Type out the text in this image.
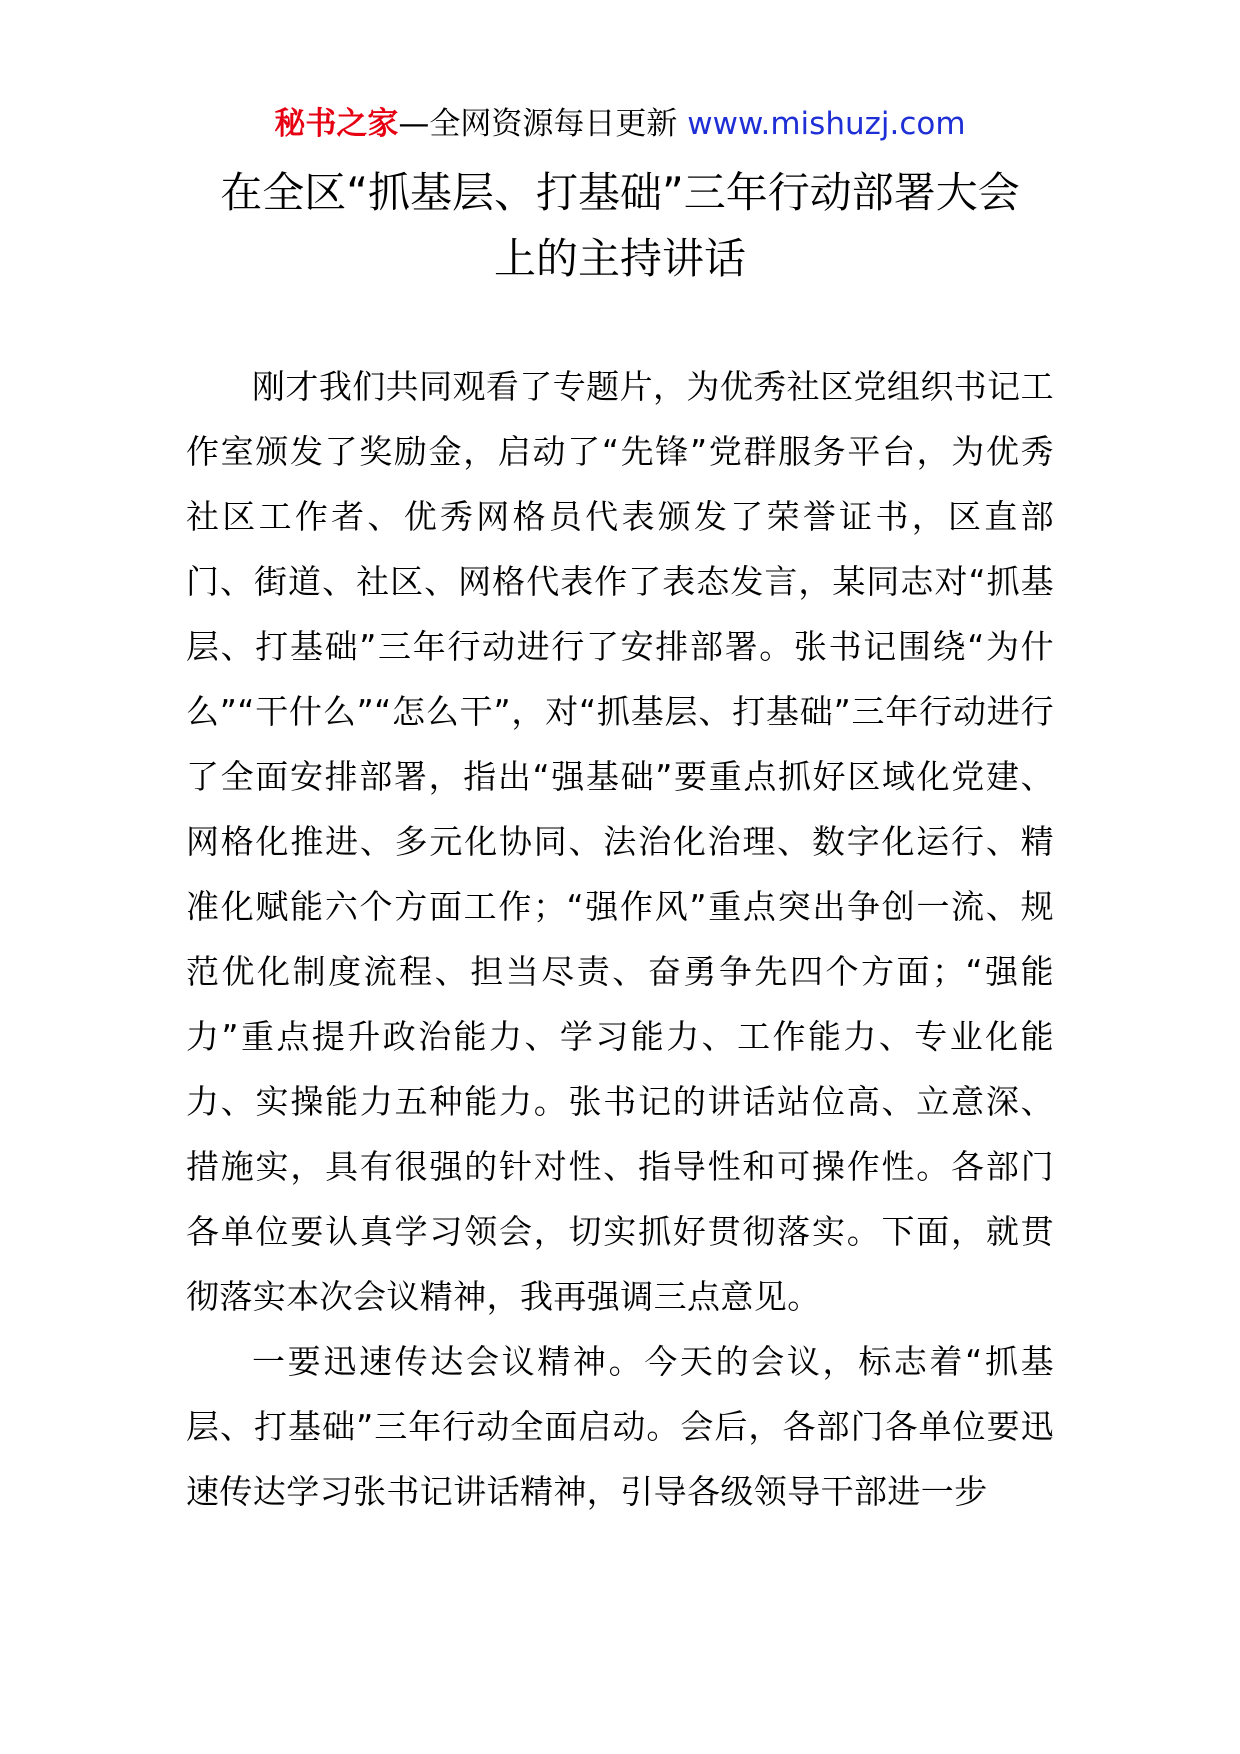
秘书之家—全网资源每日更新 www.mishuzj.com
在全区“抓基层、打基础”三年行动部署大会
上的主持讲话

刚才我们共同观看了专题片，为优秀社区党组织书记工作室颁发了奖励金，启动了“先锋”党群服务平台，为优秀社区工作者、优秀网格员代表颁发了荣誉证书，区直部门、街道、社区、网格代表作了表态发言，某同志对“抓基层、打基础”三年行动进行了安排部署。张书记围绕“为什么”“干什么”“怎么干”，对“抓基层、打基础”三年行动进行了全面安排部署，指出“强基础”要重点抓好区域化党建、网格化推进、多元化协同、法治化治理、数字化运行、精准化赋能六个方面工作；“强作风”重点突出争创一流、规范优化制度流程、担当尽责、奋勇争先四个方面；“强能力”重点提升政治能力、学习能力、工作能力、专业化能力、实操能力五种能力。张书记的讲话站位高、立意深、措施实，具有很强的针对性、指导性和可操作性。各部门各单位要认真学习领会，切实抓好贯彻落实。下面，就贯彻落实本次会议精神，我再强调三点意见。

一要迅速传达会议精神。今天的会议，标志着“抓基层、打基础”三年行动全面启动。会后，各部门各单位要迅速传达学习张书记讲话精神，引导各级领导干部进一步
